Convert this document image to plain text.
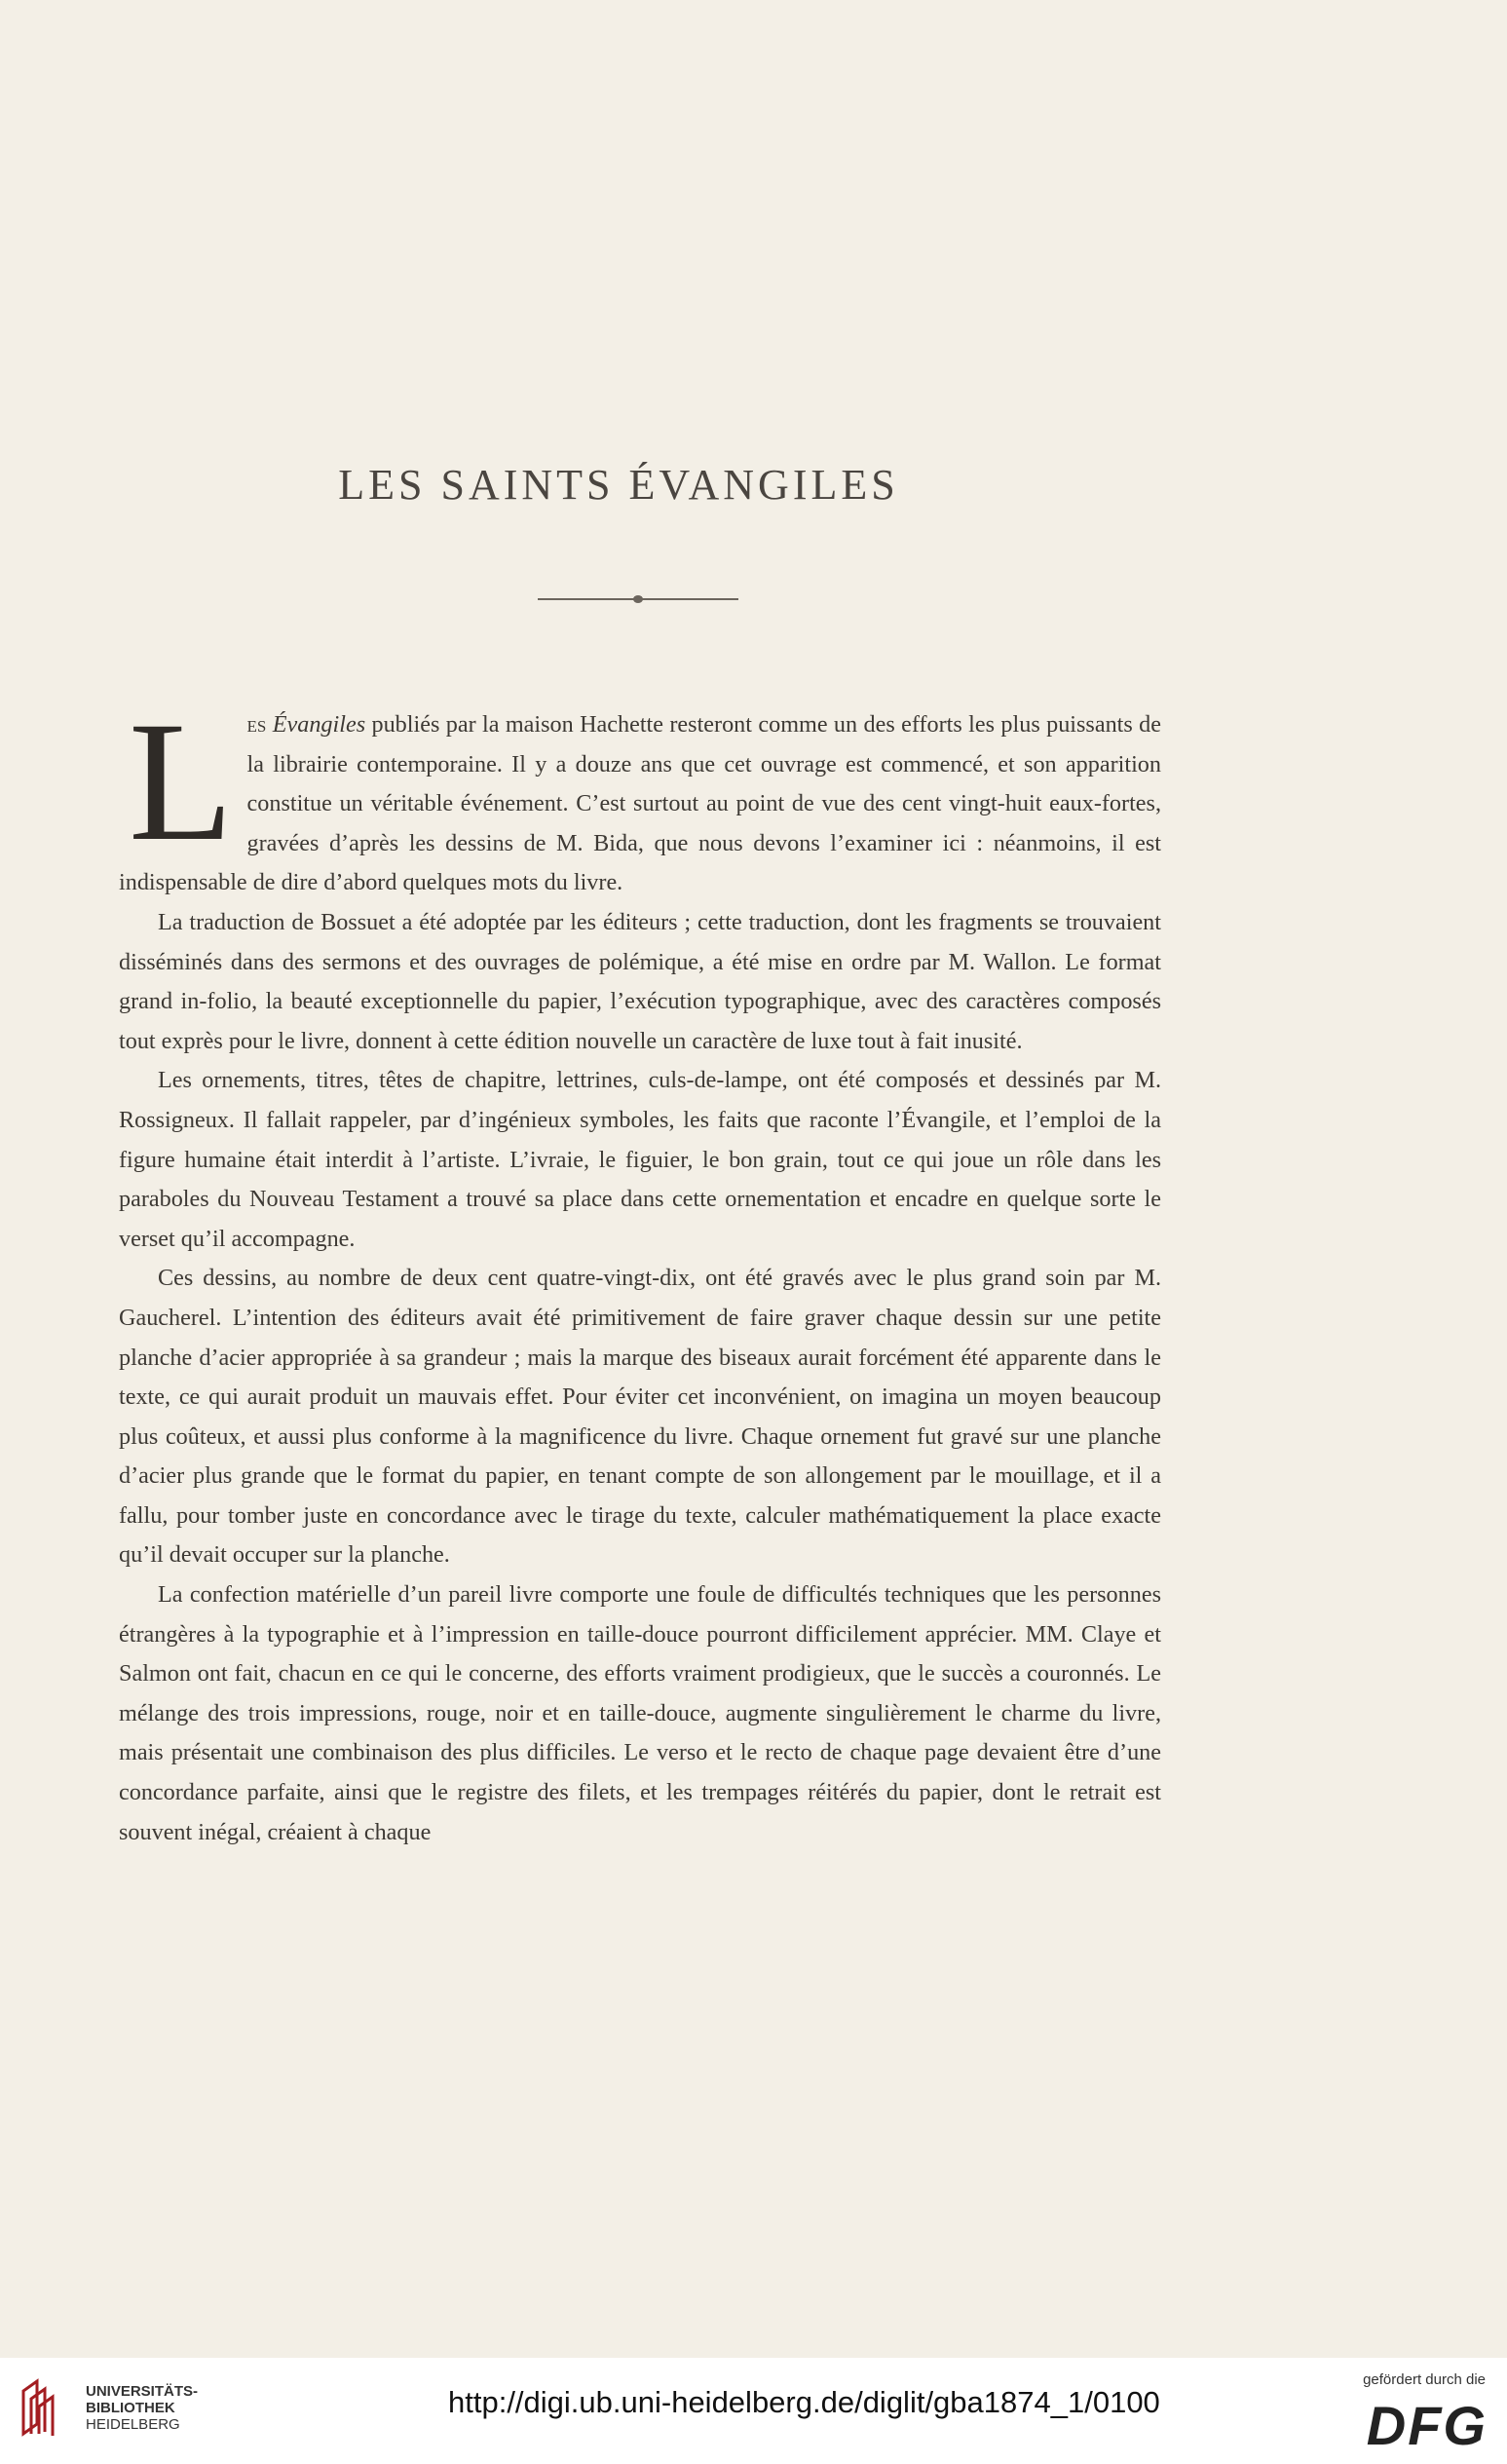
LES SAINTS ÉVANGILES

Les Évangiles publiés par la maison Hachette resteront comme un des efforts les plus puissants de la librairie contemporaine. Il y a douze ans que cet ouvrage est commencé, et son apparition constitue un véritable événement. C’est surtout au point de vue des cent vingt-huit eaux-fortes, gravées d’après les dessins de M. Bida, que nous devons l’examiner ici : néanmoins, il est indispensable de dire d’abord quelques mots du livre.

La traduction de Bossuet a été adoptée par les éditeurs ; cette traduction, dont les fragments se trouvaient disséminés dans des sermons et des ouvrages de polémique, a été mise en ordre par M. Wallon. Le format grand in-folio, la beauté exceptionnelle du papier, l’exécution typographique, avec des caractères composés tout exprès pour le livre, donnent à cette édition nouvelle un caractère de luxe tout à fait inusité.

Les ornements, titres, têtes de chapitre, lettrines, culs-de-lampe, ont été composés et dessinés par M. Rossigneux. Il fallait rappeler, par d’ingénieux symboles, les faits que raconte l’Évangile, et l’emploi de la figure humaine était interdit à l’artiste. L’ivraie, le figuier, le bon grain, tout ce qui joue un rôle dans les paraboles du Nouveau Testament a trouvé sa place dans cette ornementation et encadre en quelque sorte le verset qu’il accompagne.

Ces dessins, au nombre de deux cent quatre-vingt-dix, ont été gravés avec le plus grand soin par M. Gaucherel. L’intention des éditeurs avait été primitivement de faire graver chaque dessin sur une petite planche d’acier appropriée à sa grandeur ; mais la marque des biseaux aurait forcément été apparente dans le texte, ce qui aurait produit un mauvais effet. Pour éviter cet inconvénient, on imagina un moyen beaucoup plus coûteux, et aussi plus conforme à la magnificence du livre. Chaque ornement fut gravé sur une planche d’acier plus grande que le format du papier, en tenant compte de son allongement par le mouillage, et il a fallu, pour tomber juste en concordance avec le tirage du texte, calculer mathématiquement la place exacte qu’il devait occuper sur la planche.

La confection matérielle d’un pareil livre comporte une foule de difficultés techniques que les personnes étrangères à la typographie et à l’impression en taille-douce pourront difficilement apprécier. MM. Claye et Salmon ont fait, chacun en ce qui le concerne, des efforts vraiment prodigieux, que le succès a couronnés. Le mélange des trois impressions, rouge, noir et en taille-douce, augmente singulièrement le charme du livre, mais présentait une combinaison des plus difficiles. Le verso et le recto de chaque page devaient être d’une concordance parfaite, ainsi que le registre des filets, et les trempages réitérés du papier, dont le retrait est souvent inégal, créaient à chaque

UNIVERSITÄTS-
BIBLIOTHEK
HEIDELBERG
http://digi.ub.uni-heidelberg.de/diglit/gba1874_1/0100
gefördert durch die
DFG
